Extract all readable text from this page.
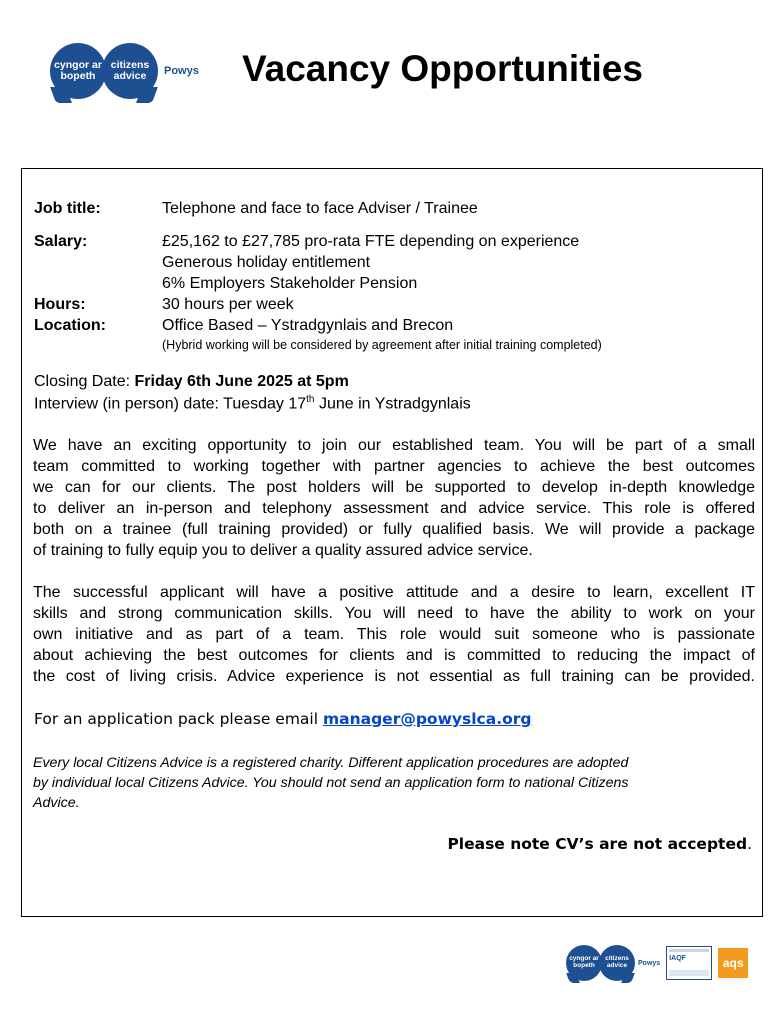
cyngor ar
bopeth
citizens
advice Powys Vacancy Opportunities
Job title:	Telephone and face to face Adviser / Trainee
Salary:	£25,162 to £27,785 pro-rata FTE depending on experience
Generous holiday entitlement
6% Employers Stakeholder Pension
Hours:	30 hours per week
Location:	Office Based – Ystradgynlais and Brecon
(Hybrid working will be considered by agreement after initial training completed)
Closing Date: Friday 6th June 2025 at 5pm
Interview (in person) date: Tuesday 17th June in Ystradgynlais
We have an exciting opportunity to join our established team. You will be part of a small
team committed to working together with partner agencies to achieve the best outcomes
we can for our clients. The post holders will be supported to develop in-depth knowledge
to deliver an in-person and telephony assessment and advice service. This role is offered
both on a trainee (full training provided) or fully qualified basis. We will provide a package
of training to fully equip you to deliver a quality assured advice service.
The successful applicant will have a positive attitude and a desire to learn, excellent IT
skills and strong communication skills. You will need to have the ability to work on your
own initiative and as part of a team. This role would suit someone who is passionate
about achieving the best outcomes for clients and is committed to reducing the impact of
the cost of living crisis. Advice experience is not essential as full training can be provided.
For an application pack please email manager@powyslca.org
Every local Citizens Advice is a registered charity. Different application procedures are adopted
by individual local Citizens Advice. You should not send an application form to national Citizens
Advice.
Please note CV’s are not accepted.
cyngor ar
bopeth
citizens
advice Powys
IAQF	aqs
